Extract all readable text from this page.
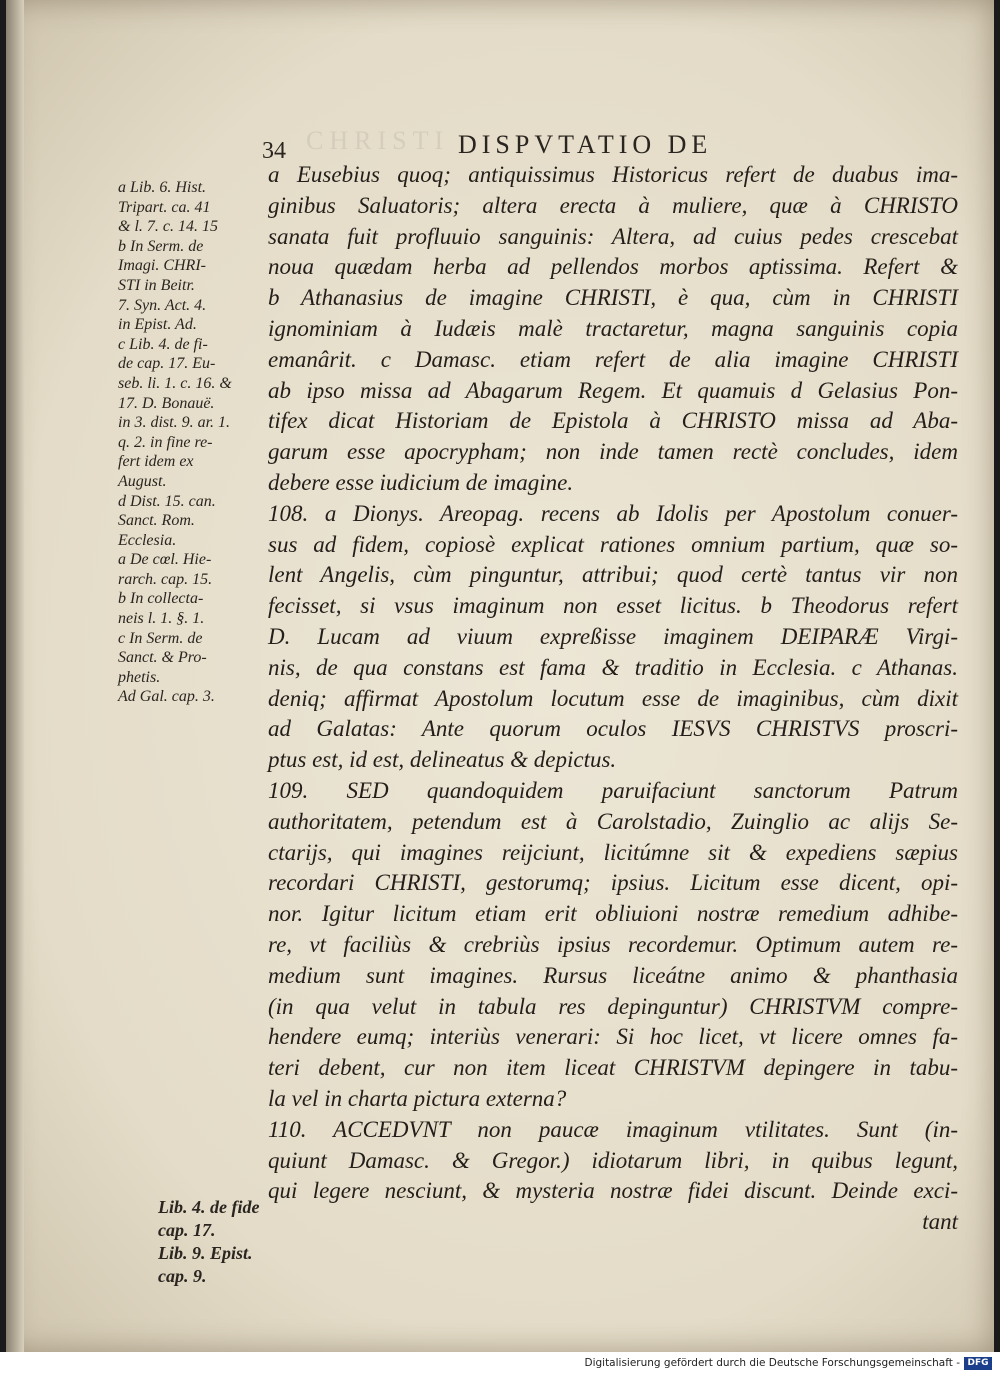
CHRISTI
34	DISPVTATIO DE
a Lib. 6. Hist.
Tripart. ca. 41
& l. 7. c. 14. 15
b In Serm. de
Imagi. CHRI-
STI in Beitr.
7. Syn. Act. 4.
in Epist. Ad.
c Lib. 4. de fi-
de cap. 17. Eu-
seb. li. 1. c. 16. &
17. D. Bonauë.
in 3. dist. 9. ar. 1.
q. 2. in fine re-
fert idem ex
August.
d Dist. 15. can.
Sanct. Rom.
Ecclesia.
a De cœl. Hie-
rarch. cap. 15.
b In collecta-
neis l. 1. §. 1.
c In Serm. de
Sanct. & Pro-
phetis.
Ad Gal. cap. 3.
Lib. 4. de fide
cap. 17.
Lib. 9. Epist.
cap. 9.
a Eusebius quoq; antiquissimus Historicus refert de duabus ima-
ginibus Saluatoris; altera erecta à muliere, quæ à CHRISTO
sanata fuit profluuio sanguinis: Altera, ad cuius pedes crescebat
noua quædam herba ad pellendos morbos aptissima. Refert &
b Athanasius de imagine CHRISTI, è qua, cùm in CHRISTI
ignominiam à Iudæis malè tractaretur, magna sanguinis copia
emanârit. c Damasc. etiam refert de alia imagine CHRISTI
ab ipso missa ad Abagarum Regem. Et quamuis d Gelasius Pon-
tifex dicat Historiam de Epistola à CHRISTO missa ad Aba-
garum esse apocrypham; non inde tamen rectè concludes, idem
debere esse iudicium de imagine.
108. a Dionys. Areopag. recens ab Idolis per Apostolum conuer-
sus ad fidem, copiosè explicat rationes omnium partium, quæ so-
lent Angelis, cùm pinguntur, attribui; quod certè tantus vir non
fecisset, si vsus imaginum non esset licitus. b Theodorus refert
D. Lucam ad viuum expreßisse imaginem DEIPARÆ Virgi-
nis, de qua constans est fama & traditio in Ecclesia. c Athanas.
deniq; affirmat Apostolum locutum esse de imaginibus, cùm dixit
ad Galatas: Ante quorum oculos IESVS CHRISTVS proscri-
ptus est, id est, delineatus & depictus.
109. SED quandoquidem paruifaciunt sanctorum Patrum
authoritatem, petendum est à Carolstadio, Zuinglio ac alijs Se-
ctarijs, qui imagines reijciunt, licitúmne sit & expediens sæpius
recordari CHRISTI, gestorumq; ipsius. Licitum esse dicent, opi-
nor. Igitur licitum etiam erit obliuioni nostræ remedium adhibe-
re, vt faciliùs & crebriùs ipsius recordemur. Optimum autem re-
medium sunt imagines. Rursus liceátne animo & phanthasia
(in qua velut in tabula res depinguntur) CHRISTVM compre-
hendere eumq; interiùs venerari: Si hoc licet, vt licere omnes fa-
teri debent, cur non item liceat CHRISTVM depingere in tabu-
la vel in charta pictura externa?
110. ACCEDVNT non paucæ imaginum vtilitates. Sunt (in-
quiunt Damasc. & Gregor.) idiotarum libri, in quibus legunt,
qui legere nesciunt, & mysteria nostræ fidei discunt. Deinde exci-
tant
Digitalisierung gefördert durch die Deutsche Forschungsgemeinschaft - DFG
